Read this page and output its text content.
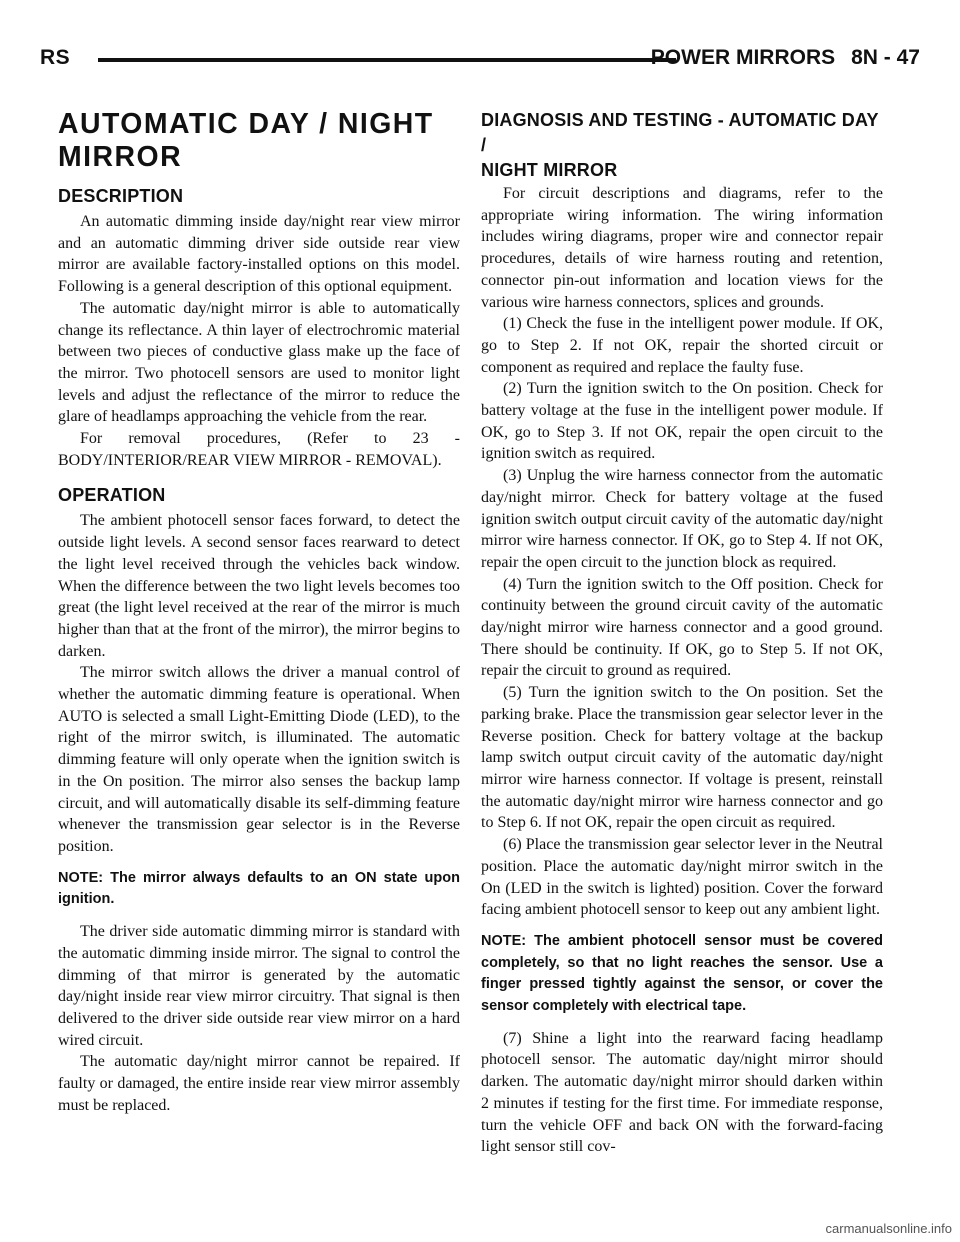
RS	POWER MIRRORS 8N - 47
AUTOMATIC DAY / NIGHT
MIRROR
DESCRIPTION

An automatic dimming inside day/night rear view mirror and an automatic dimming driver side outside rear view mirror are available factory-installed options on this model. Following is a general description of this optional equipment.

The automatic day/night mirror is able to automatically change its reflectance. A thin layer of electrochromic material between two pieces of conductive glass make up the face of the mirror. Two photocell sensors are used to monitor light levels and adjust the reflectance of the mirror to reduce the glare of headlamps approaching the vehicle from the rear.

For removal procedures, (Refer to 23 - BODY/INTERIOR/REAR VIEW MIRROR - REMOVAL).

OPERATION

The ambient photocell sensor faces forward, to detect the outside light levels. A second sensor faces rearward to detect the light level received through the vehicles back window. When the difference between the two light levels becomes too great (the light level received at the rear of the mirror is much higher than that at the front of the mirror), the mirror begins to darken.

The mirror switch allows the driver a manual control of whether the automatic dimming feature is operational. When AUTO is selected a small Light-Emitting Diode (LED), to the right of the mirror switch, is illuminated. The automatic dimming feature will only operate when the ignition switch is in the On position. The mirror also senses the backup lamp circuit, and will automatically disable its self-dimming feature whenever the transmission gear selector is in the Reverse position.

NOTE: The mirror always defaults to an ON state upon ignition.

The driver side automatic dimming mirror is standard with the automatic dimming inside mirror. The signal to control the dimming of that mirror is generated by the automatic day/night inside rear view mirror circuitry. That signal is then delivered to the driver side outside rear view mirror on a hard wired circuit.

The automatic day/night mirror cannot be repaired. If faulty or damaged, the entire inside rear view mirror assembly must be replaced.

DIAGNOSIS AND TESTING - AUTOMATIC DAY /
NIGHT MIRROR

For circuit descriptions and diagrams, refer to the appropriate wiring information. The wiring information includes wiring diagrams, proper wire and connector repair procedures, details of wire harness routing and retention, connector pin-out information and location views for the various wire harness connectors, splices and grounds.

(1) Check the fuse in the intelligent power module. If OK, go to Step 2. If not OK, repair the shorted circuit or component as required and replace the faulty fuse.

(2) Turn the ignition switch to the On position. Check for battery voltage at the fuse in the intelligent power module. If OK, go to Step 3. If not OK, repair the open circuit to the ignition switch as required.

(3) Unplug the wire harness connector from the automatic day/night mirror. Check for battery voltage at the fused ignition switch output circuit cavity of the automatic day/night mirror wire harness connector. If OK, go to Step 4. If not OK, repair the open circuit to the junction block as required.

(4) Turn the ignition switch to the Off position. Check for continuity between the ground circuit cavity of the automatic day/night mirror wire harness connector and a good ground. There should be continuity. If OK, go to Step 5. If not OK, repair the circuit to ground as required.

(5) Turn the ignition switch to the On position. Set the parking brake. Place the transmission gear selector lever in the Reverse position. Check for battery voltage at the backup lamp switch output circuit cavity of the automatic day/night mirror wire harness connector. If voltage is present, reinstall the automatic day/night mirror wire harness connector and go to Step 6. If not OK, repair the open circuit as required.

(6) Place the transmission gear selector lever in the Neutral position. Place the automatic day/night mirror switch in the On (LED in the switch is lighted) position. Cover the forward facing ambient photocell sensor to keep out any ambient light.

NOTE: The ambient photocell sensor must be covered completely, so that no light reaches the sensor. Use a finger pressed tightly against the sensor, or cover the sensor completely with electrical tape.

(7) Shine a light into the rearward facing headlamp photocell sensor. The automatic day/night mirror should darken. The automatic day/night mirror should darken within 2 minutes if testing for the first time. For immediate response, turn the vehicle OFF and back ON with the forward-facing light sensor still cov-

carmanualsonline.info
